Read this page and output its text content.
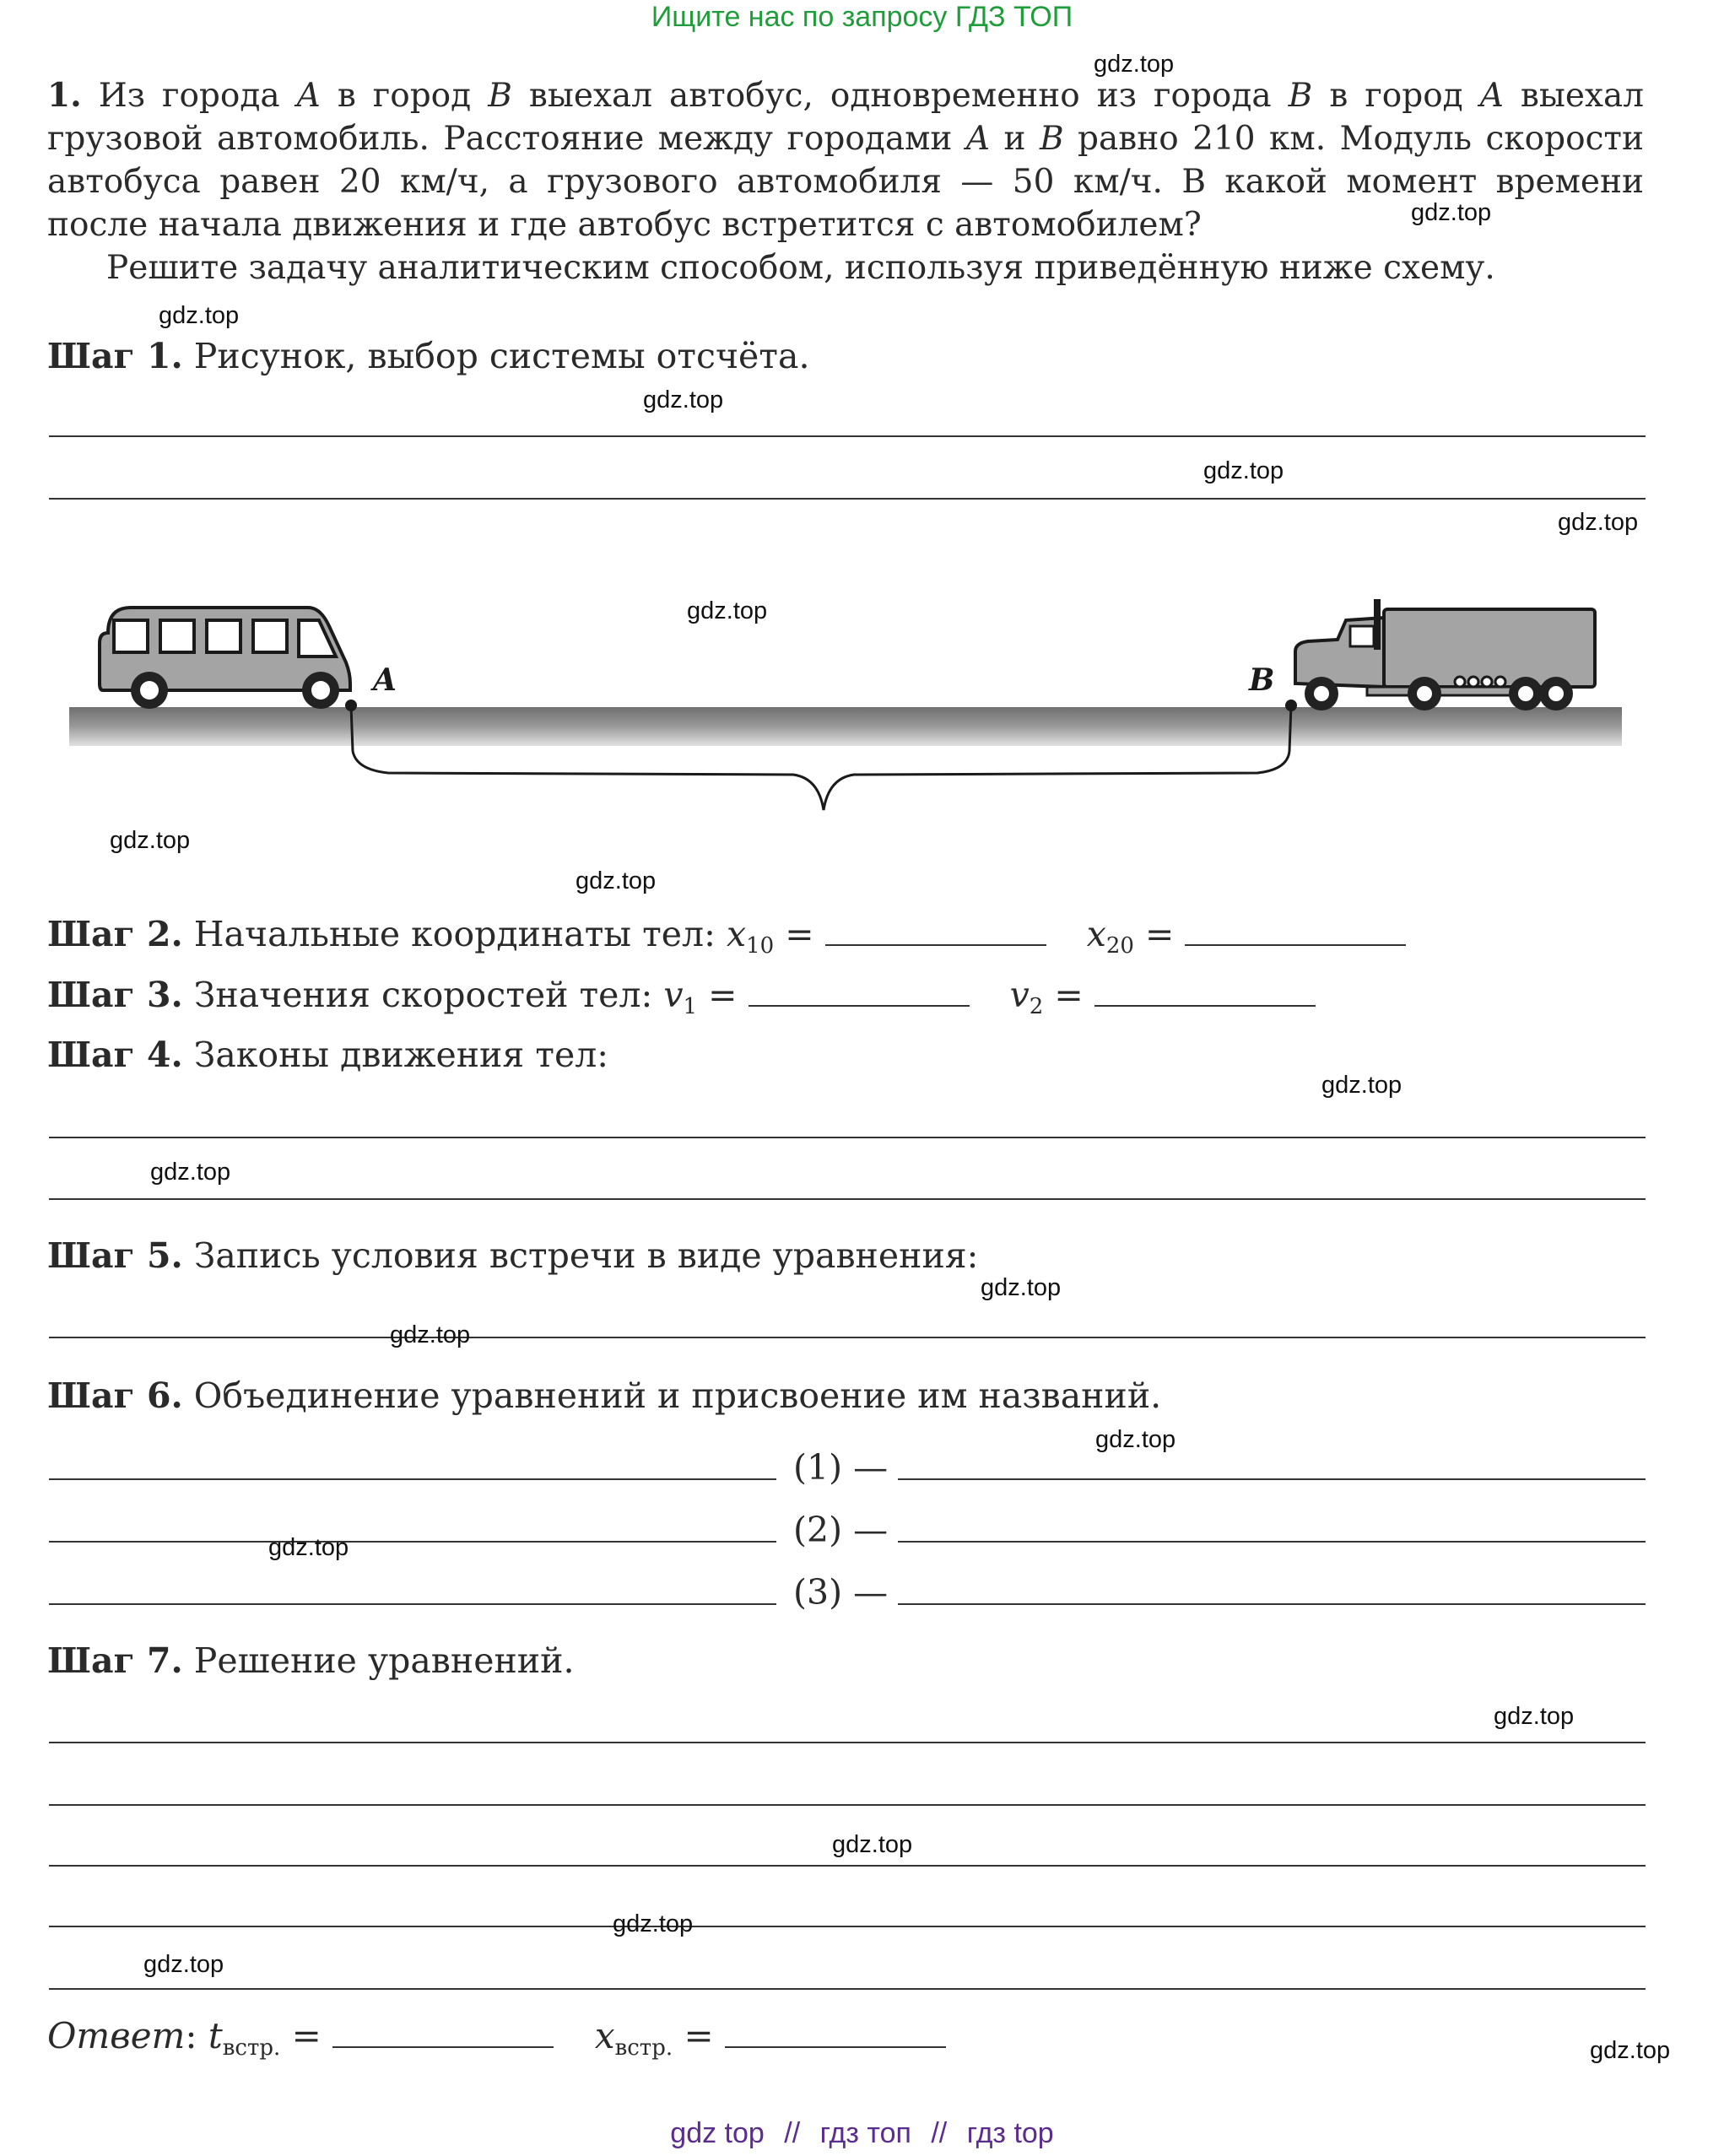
Ищите нас по запросу ГДЗ ТОП

1. Из города A в город B выехал автобус, одновременно из города B в город A выехал грузовой автомобиль. Расстояние между городами A и B равно 210 км. Модуль скорости автобуса равен 20 км/ч, а грузового автомобиля — 50 км/ч. В какой момент времени после начала движения и где автобус встретится с автомобилем?

Решите задачу аналитическим способом, используя приведённую ниже схему.

Шаг 1. Рисунок, выбор системы отсчёта.
A	B
Шаг 2. Начальные координаты тел: $x_{10}$ =	$x_{20}$ =
Шаг 3. Значения скоростей тел: $v_1$ =	$v_2$ =
Шаг 4. Законы движения тел:
Шаг 5. Запись условия встречи в виде уравнения:
Шаг 6. Объединение уравнений и присвоение им названий.
(1) —
(2) —
(3) —
Шаг 7. Решение уравнений.
Ответ: $t_{встр.}$ =	$x_{встр.}$ =
gdz.top
gdz.top
gdz.top
gdz.top
gdz.top
gdz.top
gdz.top
gdz.top
gdz.top
gdz.top
gdz.top
gdz.top
gdz.top
gdz.top
gdz.top
gdz.top
gdz.top
gdz.top
gdz.top
gdz.top
gdz top // гдз топ // гдз top
